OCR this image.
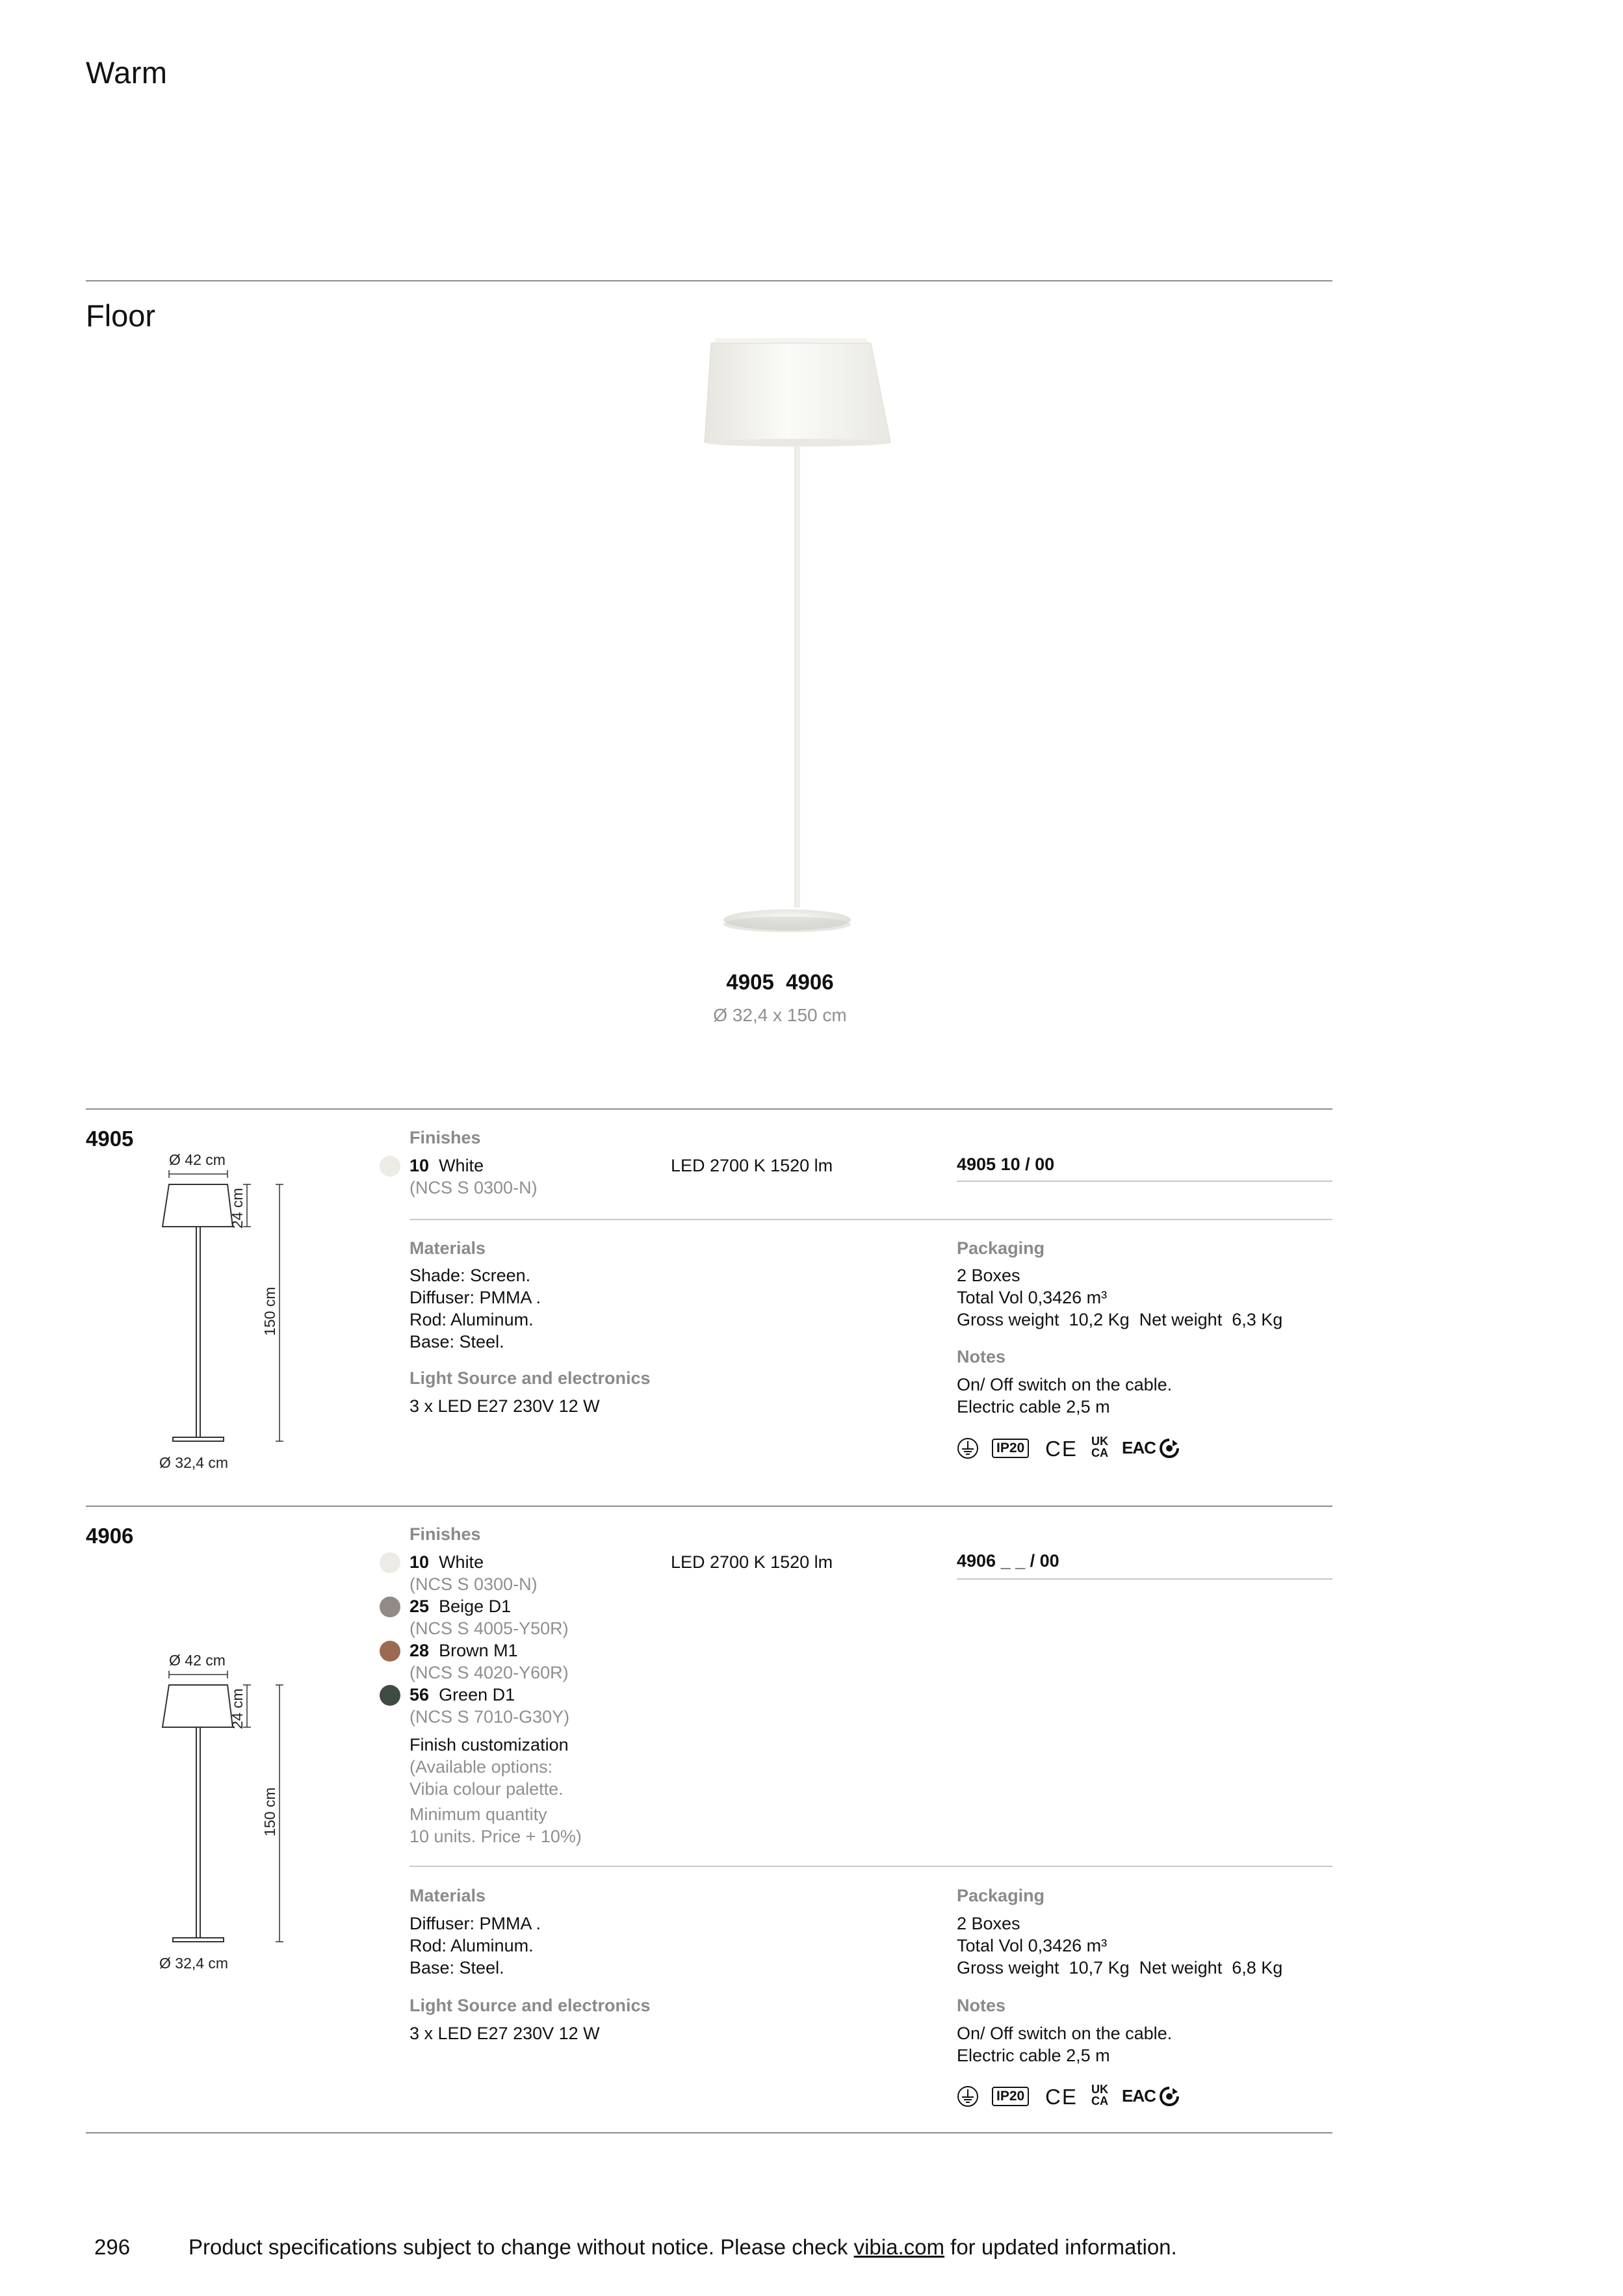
Warm
Floor
4905  4906
Ø 32,4 x 150 cm
4905
Ø 42 cm
24 cm
150 cm
Ø 32,4 cm
Finishes
10 White
(NCS S 0300-N)
LED 2700 K 1520 lm	4905 10 / 00
Materials
Shade: Screen.
Diffuser: PMMA .
Rod: Aluminum.
Base: Steel.
Light Source and electronics
3 x LED E27 230V 12 W
Packaging
2 Boxes
Total Vol 0,3426 m³
Gross weight  10,2 Kg  Net weight  6,3 Kg
Notes
On/ Off switch on the cable.
Electric cable 2,5 m
IP20 CE UK
CA EAC
4906
Ø 42 cm
24 cm
150 cm
Ø 32,4 cm
Finishes
10 White
(NCS S 0300-N)
25 Beige D1
(NCS S 4005-Y50R)
28 Brown M1
(NCS S 4020-Y60R)
56 Green D1
(NCS S 7010-G30Y)
Finish customization
(Available options:
Vibia colour palette.
Minimum quantity
10 units. Price + 10%)
LED 2700 K 1520 lm	4906 _ _ / 00
Materials
Diffuser: PMMA .
Rod: Aluminum.
Base: Steel.
Light Source and electronics
3 x LED E27 230V 12 W
Packaging
2 Boxes
Total Vol 0,3426 m³
Gross weight  10,7 Kg  Net weight  6,8 Kg
Notes
On/ Off switch on the cable.
Electric cable 2,5 m
IP20 CE UK
CA EAC
296	Product specifications subject to change without notice. Please check vibia.com for updated information.
